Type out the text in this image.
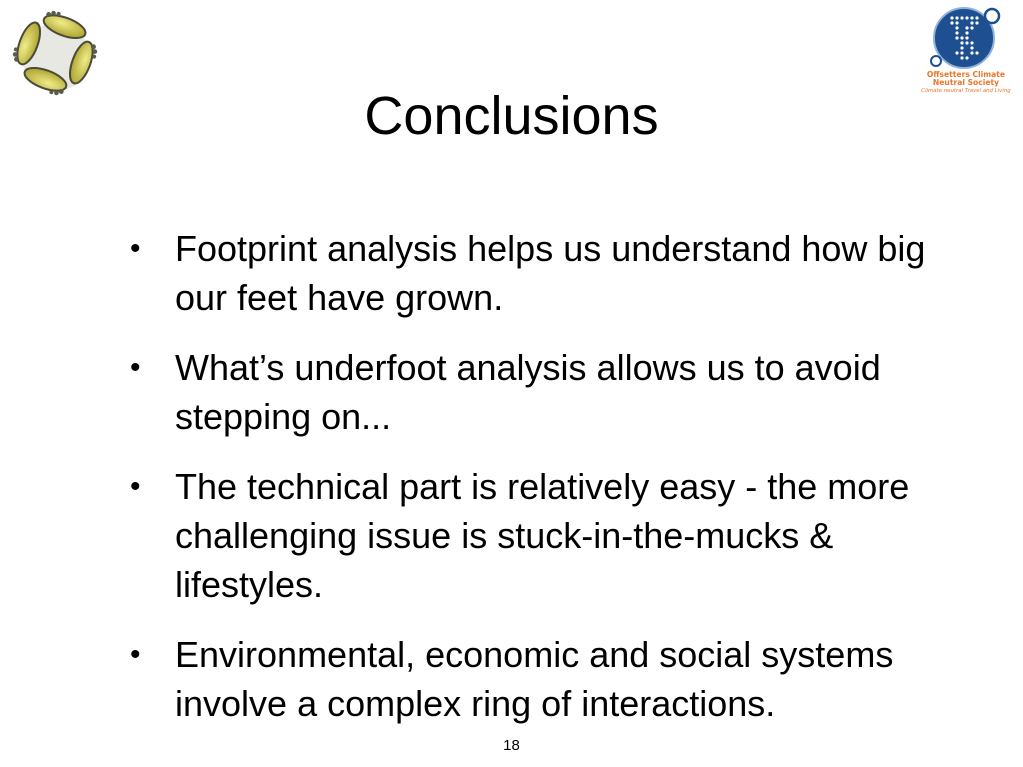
Offsetters Climate Neutral Society
Climate neutral Travel and Living
Conclusions
• Footprint analysis helps us understand how big our feet have grown.
• What’s underfoot analysis allows us to avoid stepping on...
• The technical part is relatively easy - the more challenging issue is stuck-in-the-mucks & lifestyles.
• Environmental, economic and social systems involve a complex ring of interactions.
18
